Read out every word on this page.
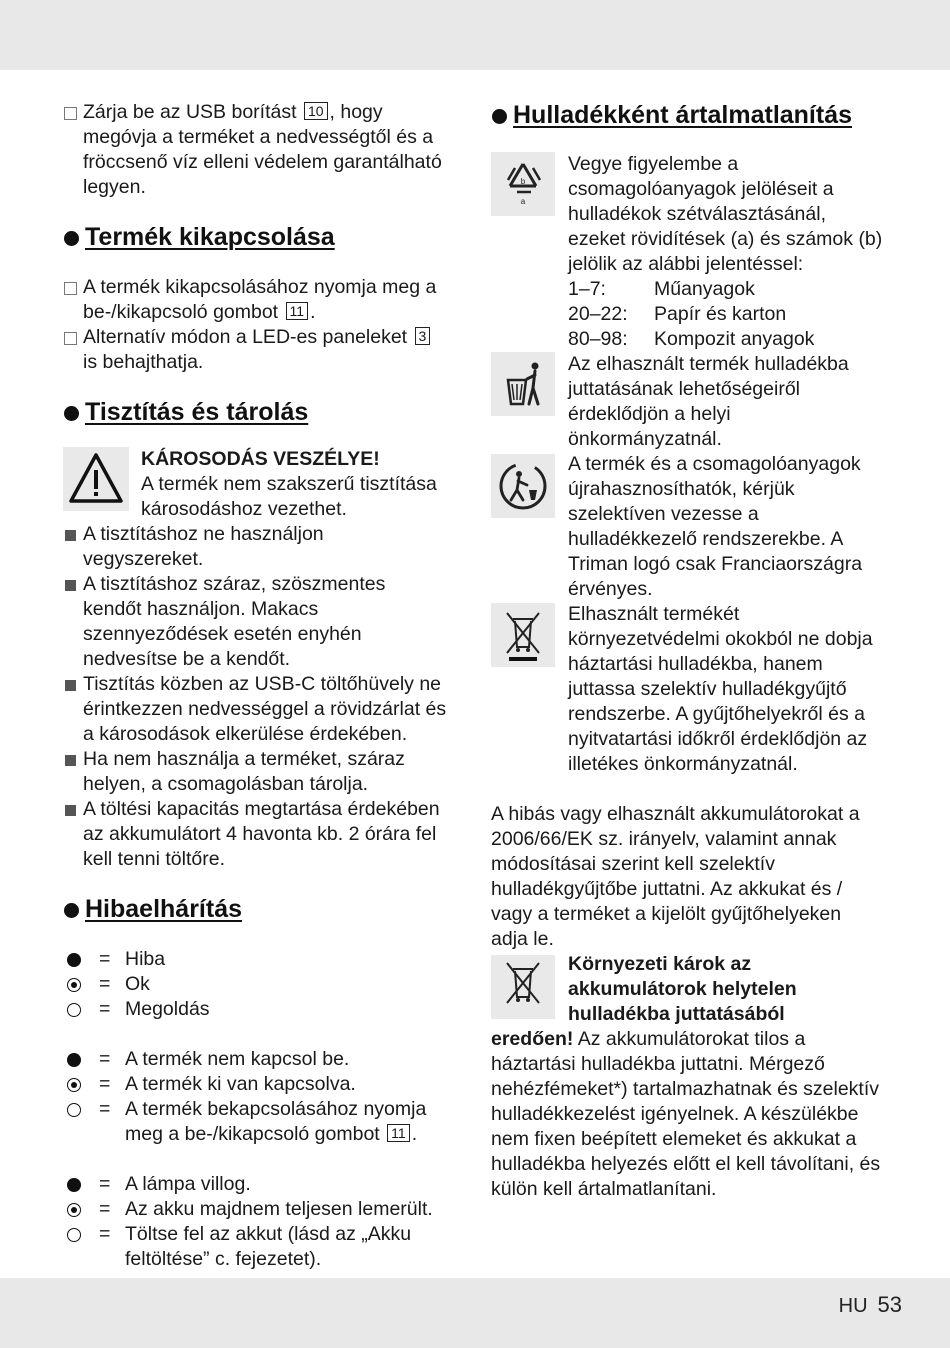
Zárja be az USB borítást 10 , hogy megóvja a terméket a nedvességtől és a fröccsenő víz elleni védelem garantálható legyen.
Termék kikapcsolása
A termék kikapcsolásához nyomja meg a be-/kikapcsoló gombot 11 .
Alternatív módon a LED-es paneleket 3 is behajthatja.
Tisztítás és tárolás

KÁROSODÁS VESZÉLYE!

A termék nem szakszerű tisztítása károsodáshoz vezethet.

A tisztításhoz ne használjon vegyszereket.
A tisztításhoz száraz, szöszmentes kendőt használjon. Makacs szennyeződések esetén enyhén nedvesítse be a kendőt.
Tisztítás közben az USB-C töltőhüvely ne érintkezzen nedvességgel a rövidzárlat és a károsodások elkerülése érdekében.
Ha nem használja a terméket, száraz helyen, a csomagolásban tárolja.
A töltési kapacitás megtartása érdekében az akkumulátort 4 havonta kb. 2 órára fel kell tenni töltőre.
Hibaelhárítás
= Hiba
= Ok
= Megoldás
= A termék nem kapcsol be.
= A termék ki van kapcsolva.
= A termék bekapcsolásához nyomja meg a be-/kikapcsoló gombot 11 .
= A lámpa villog.
= Az akku majdnem teljesen lemerült.
= Töltse fel az akkut (lásd az „Akku feltöltése” c. fejezetet).
Hulladékként ártalmatlanítás
b
a

Vegye figyelembe a csomagolóanyagok jelöléseit a hulladékok szétválasztásánál, ezeket rövidítések (a) és számok (b) jelölik az alábbi jelentéssel:

1–7: Műanyagok
20–22: Papír és karton
80–98: Kompozit anyagok

Az elhasznált termék hulladékba juttatásának lehetőségeiről érdeklődjön a helyi önkormányzatnál.

A termék és a csomagolóanyagok újrahasznosíthatók, kérjük szelektíven vezesse a hulladékkezelő rendszerekbe. A Triman logó csak Franciaországra érvényes.

Elhasznált termékét környezetvédelmi okokból ne dobja háztartási hulladékba, hanem juttassa szelektív hulladékgyűjtő rendszerbe. A gyűjtőhelyekről és a nyitvatartási időkről érdeklődjön az illetékes önkormányzatnál.

A hibás vagy elhasznált akkumulátorokat a 2006/66/EK sz. irányelv, valamint annak módosításai szerint kell szelektív hulladékgyűjtőbe juttatni. Az akkukat és / vagy a terméket a kijelölt gyűjtőhelyeken adja le.

Környezeti károk az akkumulátorok helytelen hulladékba juttatásából

eredően! Az akkumulátorokat tilos a háztartási hulladékba juttatni. Mérgező nehézfémeket*) tartalmazhatnak és szelektív hulladékkezelést igényelnek. A készülékbe nem fixen beépített elemeket és akkukat a hulladékba helyezés előtt el kell távolítani, és külön kell ártalmatlanítani.

HU 53
